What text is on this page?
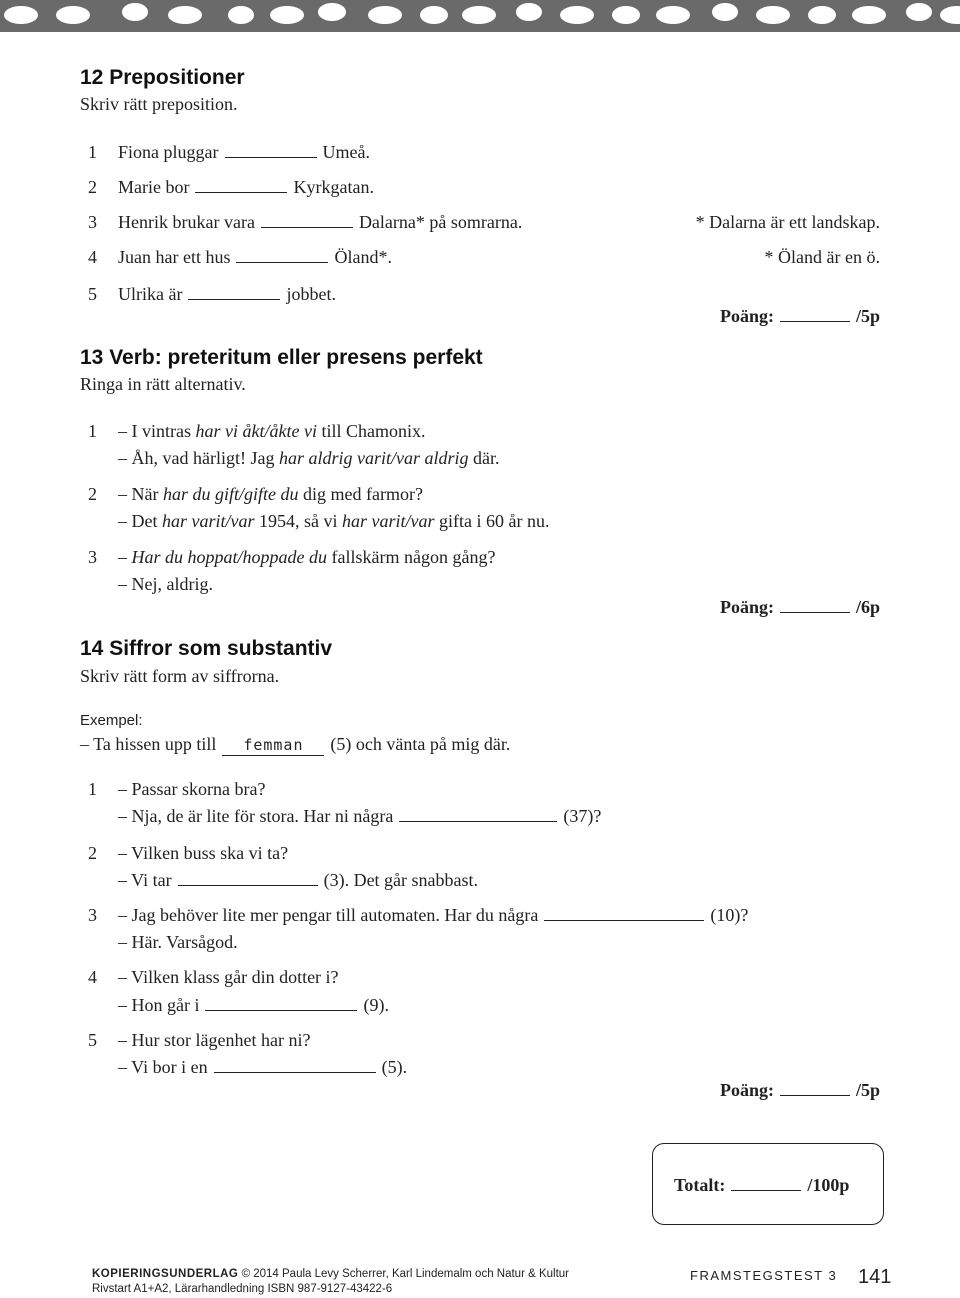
12 Prepositioner
Skriv rätt preposition.
1 Fiona pluggar	Umeå.
2 Marie bor	Kyrkgatan.
3 Henrik brukar vara	Dalarna* på somrarna.
4 Juan har ett hus	Öland*.
5 Ulrika är	jobbet.
* Dalarna är ett landskap.
* Öland är en ö.
Poäng:	/5p
13 Verb: preteritum eller presens perfekt
Ringa in rätt alternativ.
1 – I vintras har vi åkt/åkte vi till Chamonix.
– Åh, vad härligt! Jag har aldrig varit/var aldrig där.
2 – När har du gift/gifte du dig med farmor?
– Det har varit/var 1954, så vi har varit/var gifta i 60 år nu.
3 – Har du hoppat/hoppade du fallskärm någon gång?
– Nej, aldrig.
Poäng:	/6p
14 Siffror som substantiv
Skriv rätt form av siffrorna.
Exempel:
– Ta hissen upp till femman (5) och vänta på mig där.
1 – Passar skorna bra?
– Nja, de är lite för stora. Har ni några	(37)?
2 – Vilken buss ska vi ta?
– Vi tar	(3). Det går snabbast.
3 – Jag behöver lite mer pengar till automaten. Har du några	(10)?
– Här. Varsågod.
4 – Vilken klass går din dotter i?
– Hon går i	(9).
5 – Hur stor lägenhet har ni?
– Vi bor i en	(5).
Poäng:	/5p
Totalt:	/100p
KOPIERINGSUNDERLAG © 2014 Paula Levy Scherrer, Karl Lindemalm och Natur & Kultur
Rivstart A1+A2, Lärarhandledning ISBN 987-9127-43422-6
FRAMSTEGSTEST 3 141
